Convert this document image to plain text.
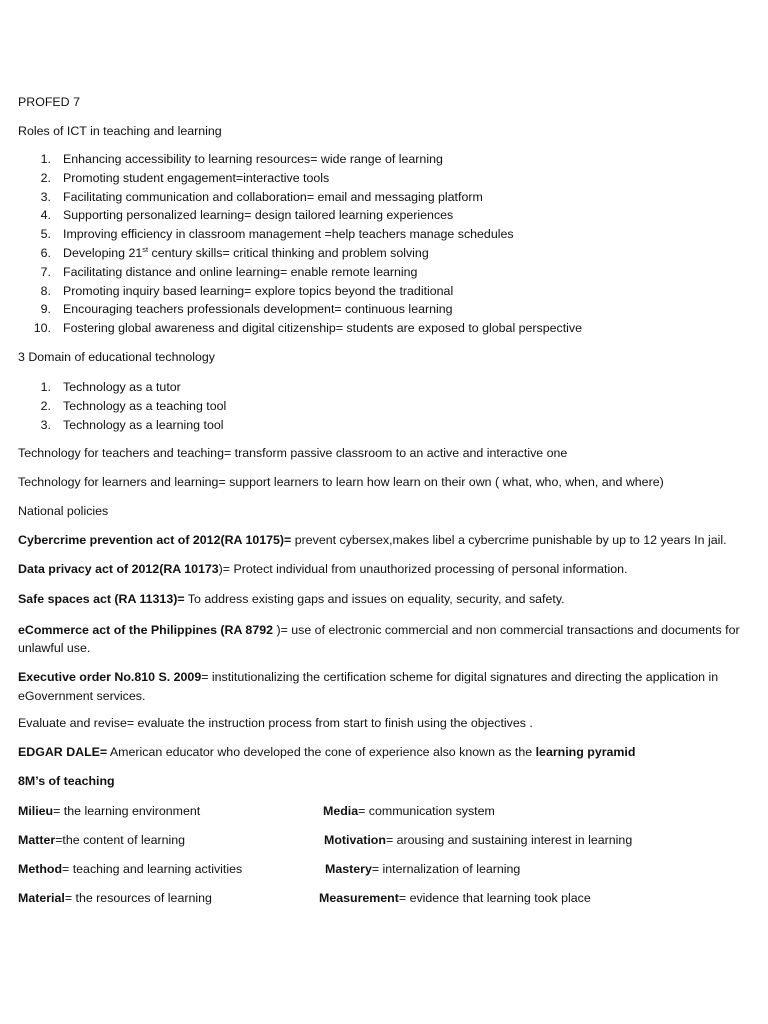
PROFED 7
Roles of ICT in teaching and learning
1. Enhancing accessibility to learning resources= wide range of learning
2. Promoting student engagement=interactive tools
3. Facilitating communication and collaboration= email and messaging platform
4. Supporting personalized learning= design tailored learning experiences
5. Improving efficiency in classroom management =help teachers manage schedules
6. Developing 21st century skills= critical thinking and problem solving
7. Facilitating distance and online learning= enable remote learning
8. Promoting inquiry based learning= explore topics beyond the traditional
9. Encouraging teachers professionals development= continuous learning
10. Fostering global awareness and digital citizenship= students are exposed to global perspective
3 Domain of educational technology
1. Technology as a tutor
2. Technology as a teaching tool
3. Technology as a learning tool
Technology for teachers and teaching= transform passive classroom to an active and interactive one
Technology for learners and learning= support learners to learn how learn on their own ( what, who, when, and where)
National policies
Cybercrime prevention act of 2012(RA 10175)= prevent cybersex,makes libel a cybercrime punishable by up to 12 years In jail.
Data privacy act of 2012(RA 10173)= Protect individual from unauthorized processing of personal information.
Safe spaces act (RA 11313)= To address existing gaps and issues on equality, security, and safety.
eCommerce act of the Philippines (RA 8792 )= use of electronic commercial and non commercial transactions and documents for unlawful use.
Executive order No.810 S. 2009= institutionalizing the certification scheme for digital signatures and directing the application in eGovernment services.
Evaluate and revise= evaluate the instruction process from start to finish using the objectives .
EDGAR DALE= American educator who developed the cone of experience also known as the learning pyramid
8M’s of teaching
Milieu= the learning environment
Matter=the content of learning
Method= teaching and learning activities
Material= the resources of learning
Media= communication system
Motivation= arousing and sustaining interest in learning
Mastery= internalization of learning
Measurement= evidence that learning took place
